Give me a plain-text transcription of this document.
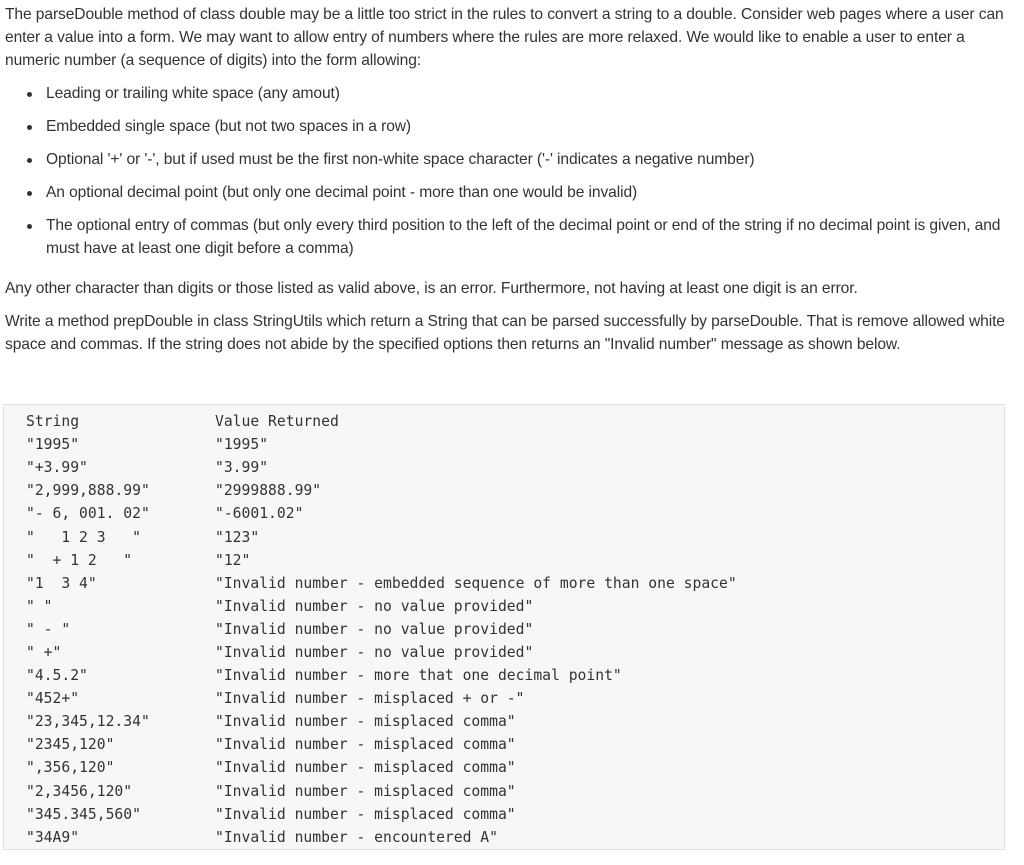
The parseDouble method of class double may be a little too strict in the rules to convert a string to a double. Consider web pages where a user can enter a value into a form. We may want to allow entry of numbers where the rules are more relaxed. We would like to enable a user to enter a numeric number (a sequence of digits) into the form allowing:

Leading or trailing white space (any amout)
Embedded single space (but not two spaces in a row)
Optional '+' or '-', but if used must be the first non-white space character ('-' indicates a negative number)
An optional decimal point (but only one decimal point - more than one would be invalid)
The optional entry of commas (but only every third position to the left of the decimal point or end of the string if no decimal point is given, and must have at least one digit before a comma)

Any other character than digits or those listed as valid above, is an error. Furthermore, not having at least one digit is an error.

Write a method prepDouble in class StringUtils which return a String that can be parsed successfully by parseDouble. That is remove allowed white space and commas. If the string does not abide by the specified options then returns an "Invalid number" message as shown below.

String	Value Returned
"1995"	"1995"
"+3.99"	"3.99"
"2,999,888.99"	"2999888.99"
"- 6, 001. 02"	"-6001.02"
"   1 2 3   "	"123"
"  + 1 2   "	"12"
"1  3 4"	"Invalid number - embedded sequence of more than one space"
" "	"Invalid number - no value provided"
" - "	"Invalid number - no value provided"
" +"	"Invalid number - no value provided"
"4.5.2"	"Invalid number - more that one decimal point"
"452+"	"Invalid number - misplaced + or -"
"23,345,12.34"	"Invalid number - misplaced comma"
"2345,120"	"Invalid number - misplaced comma"
",356,120"	"Invalid number - misplaced comma"
"2,3456,120"	"Invalid number - misplaced comma"
"345.345,560"	"Invalid number - misplaced comma"
"34A9"	"Invalid number - encountered A"
